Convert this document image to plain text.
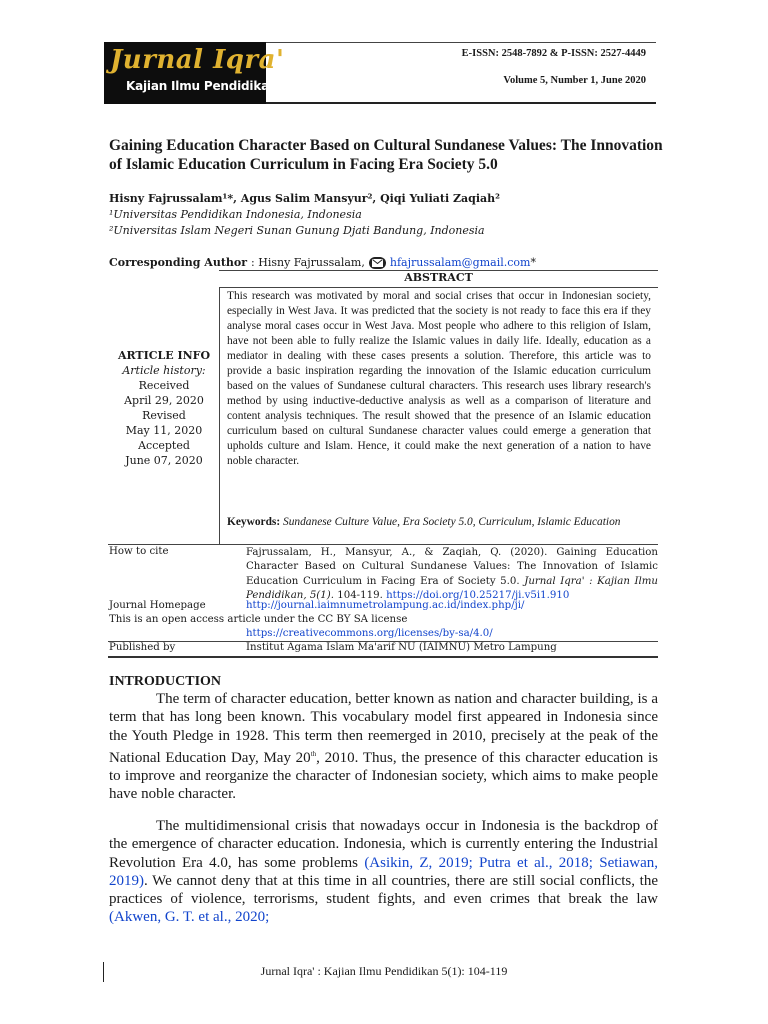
Jurnal Iqra'
Kajian Ilmu Pendidikan
E-ISSN: 2548-7892 & P-ISSN: 2527-4449
Volume 5, Number 1, June 2020
Gaining Education Character Based on Cultural Sundanese Values: The Innovation of Islamic Education Curriculum in Facing Era Society 5.0
Hisny Fajrussalam¹*, Agus Salim Mansyur², Qiqi Yuliati Zaqiah²
¹Universitas Pendidikan Indonesia, Indonesia
²Universitas Islam Negeri Sunan Gunung Djati Bandung, Indonesia
Corresponding Author : Hisny Fajrussalam, hfajrussalam@gmail.com*
ABSTRACT
ARTICLE INFO
Article history:
Received
April 29, 2020
Revised
May 11, 2020
Accepted
June 07, 2020

This research was motivated by moral and social crises that occur in Indonesian society, especially in West Java. It was predicted that the society is not ready to face this era if they analyse moral cases occur in West Java. Most people who adhere to this religion of Islam, have not been able to fully realize the Islamic values in daily life. Ideally, education as a mediator in dealing with these cases presents a solution. Therefore, this article was to provide a basic inspiration regarding the innovation of the Islamic education curriculum based on the values of Sundanese cultural characters. This research uses library research's method by using inductive-deductive analysis as well as a comparison of literature and content analysis techniques. The result showed that the presence of an Islamic education curriculum based on cultural Sundanese character values could emerge a generation that upholds culture and Islam. Hence, it could make the next generation of a nation to have noble character.

Keywords: Sundanese Culture Value, Era Society 5.0, Curriculum, Islamic Education
How to cite	Fajrussalam, H., Mansyur, A., & Zaqiah, Q. (2020). Gaining Education Character Based on Cultural Sundanese Values: The Innovation of Islamic Education Curriculum in Facing Era of Society 5.0. Jurnal Iqra' : Kajian Ilmu Pendidikan, 5(1). 104-119. https://doi.org/10.25217/ji.v5i1.910

Journal Homepage	http://journal.iaimnumetrolampung.ac.id/index.php/ji/
This is an open access article under the CC BY SA license
https://creativecommons.org/licenses/by-sa/4.0/
Published by	Institut Agama Islam Ma'arif NU (IAIMNU) Metro Lampung
INTRODUCTION

The term of character education, better known as nation and character building, is a term that has long been known. This vocabulary model first appeared in Indonesia since the Youth Pledge in 1928. This term then reemerged in 2010, precisely at the peak of the National Education Day, May 20th, 2010. Thus, the presence of this character education is to improve and reorganize the character of Indonesian society, which aims to make people have noble character.

The multidimensional crisis that nowadays occur in Indonesia is the backdrop of the emergence of character education. Indonesia, which is currently entering the Industrial Revolution Era 4.0, has some problems (Asikin, Z, 2019; Putra et al., 2018; Setiawan, 2019). We cannot deny that at this time in all countries, there are still social conflicts, the practices of violence, terrorisms, student fights, and even crimes that break the law (Akwen, G. T. et al., 2020;

Jurnal Iqra' : Kajian Ilmu Pendidikan 5(1): 104-119
